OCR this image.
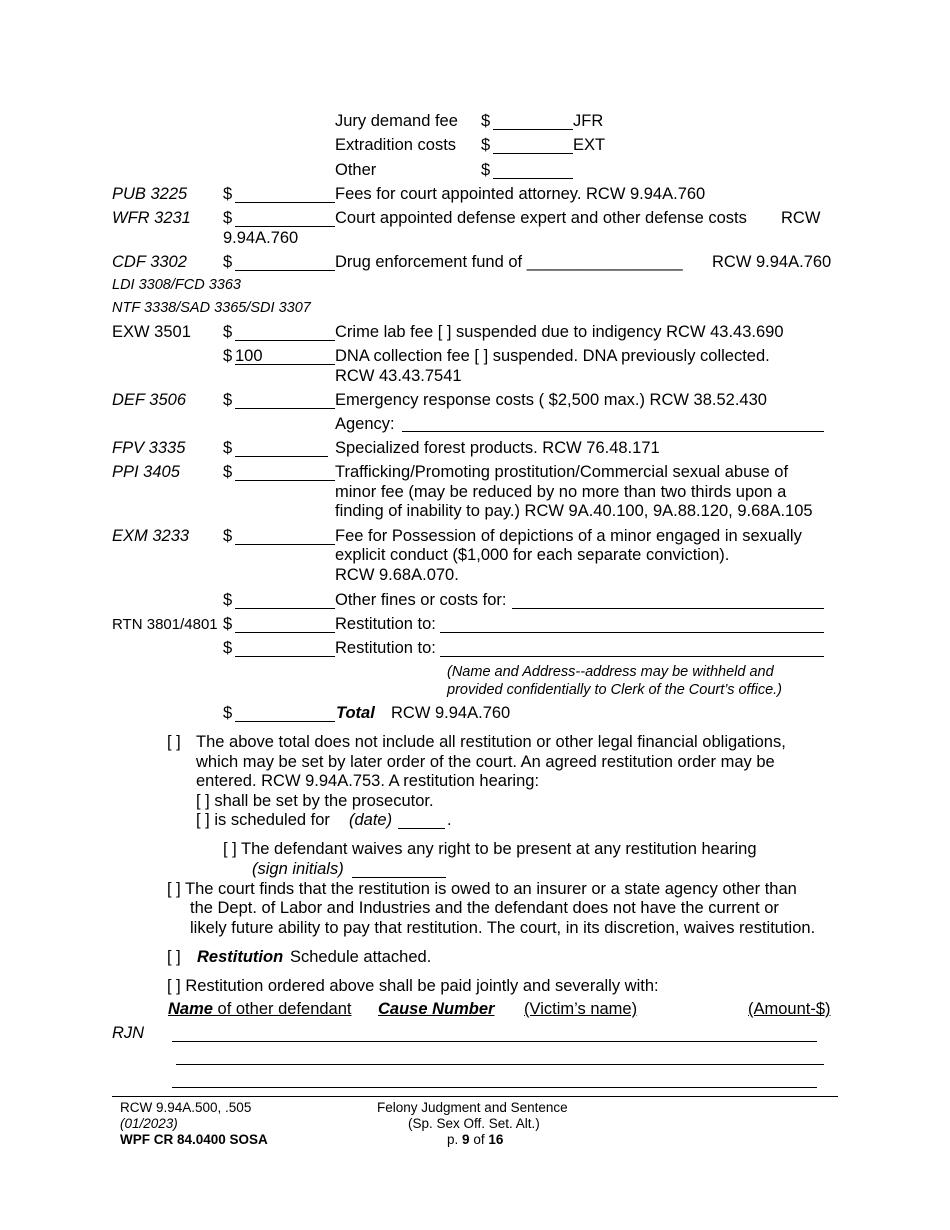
Jury demand fee $	JFR
Extradition costs $	EXT
Other	$
PUB 3225 $	Fees for court appointed attorney. RCW 9.94A.760
WFR 3231 $	Court appointed defense expert and other defense costs RCW
9.94A.760
CDF 3302 $	Drug enforcement fund of _________________ RCW 9.94A.760
LDI 3308/FCD 3363
NTF 3338/SAD 3365/SDI 3307
EXW 3501 $	Crime lab fee [ ] suspended due to indigency RCW 43.43.690
$ 100	DNA collection fee [ ] suspended. DNA previously collected.
RCW 43.43.7541
DEF 3506 $	Emergency response costs ( $2,500 max.) RCW 38.52.430
Agency:
FPV 3335 $	Specialized forest products. RCW 76.48.171
PPI 3405	$	Trafficking/Promoting prostitution/Commercial sexual abuse of
minor fee (may be reduced by no more than two thirds upon a
finding of inability to pay.) RCW 9A.40.100, 9A.88.120, 9.68A.105
EXM 3233 $	Fee for Possession of depictions of a minor engaged in sexually
explicit conduct ($1,000 for each separate conviction).
RCW 9.68A.070.
$	Other fines or costs for:
RTN 3801/4801 $	Restitution to:
$	Restitution to:
(Name and Address--address may be withheld and
provided confidentially to Clerk of the Court’s office.)
$	Total RCW 9.94A.760
[ ] The above total does not include all restitution or other legal financial obligations,
which may be set by later order of the court. An agreed restitution order may be
entered. RCW 9.94A.753. A restitution hearing:
[ ] shall be set by the prosecutor.
[ ] is scheduled for (date)	.
[ ] The defendant waives any right to be present at any restitution hearing
(sign initials)
[ ] The court finds that the restitution is owed to an insurer or a state agency other than
the Dept. of Labor and Industries and the defendant does not have the current or
likely future ability to pay that restitution. The court, in its discretion, waives restitution.
[ ] Restitution Schedule attached.
[ ] Restitution ordered above shall be paid jointly and severally with:
Name of other defendant Cause Number (Victim’s name)	(Amount-$)
RJN
RCW 9.94A.500, .505
(01/2023)
WPF CR 84.0400 SOSA
Felony Judgment and Sentence
(Sp. Sex Off. Set. Alt.)
p. 9 of 16
